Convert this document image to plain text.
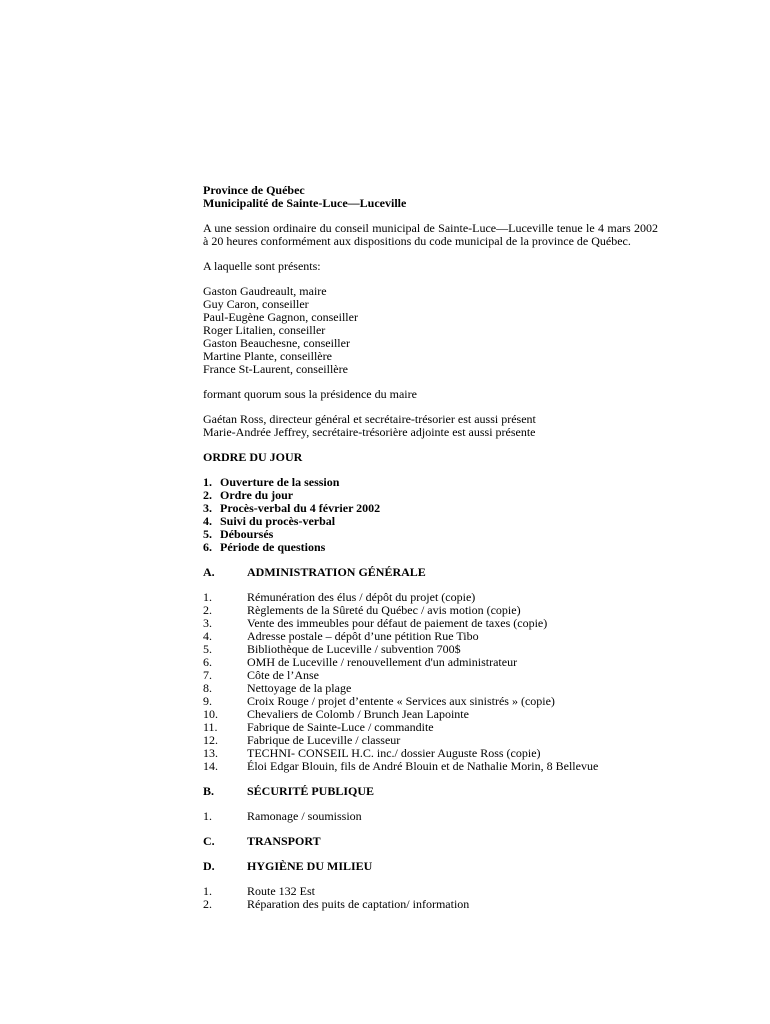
Province de Québec
Municipalité de Sainte-Luce—Luceville

A une session ordinaire du conseil municipal de Sainte-Luce—Luceville tenue le 4 mars 2002 à 20 heures conformément aux dispositions du code municipal de la province de Québec.

A laquelle sont présents:
Gaston Gaudreault, maire
Guy Caron, conseiller
Paul-Eugène Gagnon, conseiller
Roger Litalien, conseiller
Gaston Beauchesne, conseiller
Martine Plante, conseillère
France St-Laurent, conseillère
formant quorum sous la présidence du maire
Gaétan Ross, directeur général et secrétaire-trésorier est aussi présent
Marie-Andrée Jeffrey, secrétaire-trésorière adjointe est aussi présente
ORDRE DU JOUR
1. Ouverture de la session
2. Ordre du jour
3. Procès-verbal du 4 février 2002
4. Suivi du procès-verbal
5. Déboursés
6. Période de questions
A.	ADMINISTRATION GÉNÉRALE
1.	Rémunération des élus / dépôt du projet (copie)
2.	Règlements de la Sûreté du Québec / avis motion (copie)
3.	Vente des immeubles pour défaut de paiement de taxes (copie)
4.	Adresse postale – dépôt d’une pétition Rue Tibo
5.	Bibliothèque de Luceville / subvention 700$
6.	OMH de Luceville / renouvellement d'un administrateur
7.	Côte de l’Anse
8.	Nettoyage de la plage
9.	Croix Rouge / projet d’entente « Services aux sinistrés » (copie)
10.	Chevaliers de Colomb / Brunch Jean Lapointe
11.	Fabrique de Sainte-Luce / commandite
12.	Fabrique de Luceville / classeur
13.	TECHNI- CONSEIL H.C. inc./ dossier Auguste Ross (copie)
14.	Éloi Edgar Blouin, fils de André Blouin et de Nathalie Morin, 8 Bellevue
B.	SÉCURITÉ PUBLIQUE
1.	Ramonage / soumission
C.	TRANSPORT
D.	HYGIÈNE DU MILIEU
1.	Route 132 Est
2.	Réparation des puits de captation/ information
